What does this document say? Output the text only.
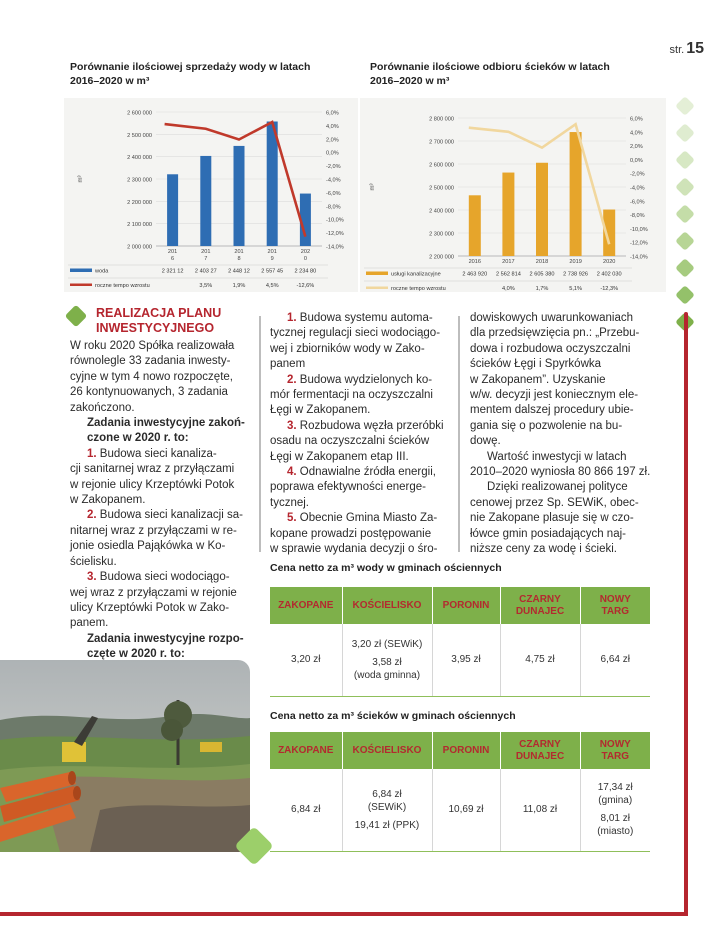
str. 15
Porównanie ilościowej sprzedaży wody w latach
2016–2020 w m³
2 600 000
2 500 000
2 400 000
2 300 000
2 200 000
2 100 000
2 000 000
6,0%
4,0%
2,0%
0,0%
-2,0%
-4,0%
-6,0%
-8,0%
-10,0%
-12,0%
-14,0%
m³
201
6
201
7
201
8
201
9
202
0
woda
roczne tempo wzrostu
2 321 12 2 403 27
3,5%
2 448 12
1,9%
2 557 45
4,5%
2 234 80
-12,6%
Porównanie ilościowe odbioru ścieków w latach
2016–2020 w m³
2 800 000
2 700 000
2 600 000
2 500 000
2 400 000
2 300 000
2 200 000
6,0%
4,0%
2,0%
0,0%
-2,0%
-4,0%
-6,0%
-8,0%
-10,0%
-12,0%
-14,0%
m³
2016	2017	2018	2019	2020
usługi kanalizacyjne
roczne tempo wzrostu
2 463 920 2 562 814
4,0%
2 605 380
1,7%
2 738 926
5,1%
2 402 030
-12,3%
REALIZACJA PLANU
INWESTYCYJNEGO

W roku 2020 Spółka realizowała
równolegle 33 zadania inwesty-
cyjne w tym 4 nowo rozpoczęte,
26 kontynuowanych, 3 zadania
zakończono.

Zadania inwestycyjne zakoń-
czone w 2020 r. to:

1. Budowa sieci kanaliza-
cji sanitarnej wraz z przyłączami
w rejonie ulicy Krzeptówki Potok
w Zakopanem.

2. Budowa sieci kanalizacji sa-
nitarnej wraz z przyłączami w re-
jonie osiedla Pająkówka w Ko-
ścielisku.

3. Budowa sieci wodociągo-
wej wraz z przyłączami w rejonie
ulicy Krzeptówki Potok w Zako-
panem.

Zadania inwestycyjne rozpo-
częte w 2020 r. to:

1. Budowa systemu automa-
tycznej regulacji sieci wodociągo-
wej i zbiorników wody w Zako-
panem

2. Budowa wydzielonych ko-
mór fermentacji na oczyszczalni
Łęgi w Zakopanem.

3. Rozbudowa węzła przeróbki
osadu na oczyszczalni ścieków
Łęgi w Zakopanem etap III.

4. Odnawialne źródła energii,
poprawa efektywności energe-
tycznej.

5. Obecnie Gmina Miasto Za-
kopane prowadzi postępowanie
w sprawie wydania decyzji o śro-

dowiskowych uwarunkowaniach
dla przedsięwzięcia pn.: „Przebu-
dowa i rozbudowa oczyszczalni
ścieków Łęgi i Spyrkówka
w Zakopanem”. Uzyskanie
w/w. decyzji jest koniecznym ele-
mentem dalszej procedury ubie-
gania się o pozwolenie na bu-
dowę.

Wartość inwestycji w latach
2010–2020 wyniosła 80 866 197 zł.

Dzięki realizowanej polityce
cenowej przez Sp. SEWiK, obec-
nie Zakopane plasuje się w czo-
łówce gmin posiadających naj-
niższe ceny za wodę i ścieki.

Cena netto za m³ wody w gminach ościennych
ZAKOPANE	KOŚCIELISKO	PORONIN	CZARNY
DUNAJEC	NOWY
TARG
3,20 zł	3,20 zł (SEWiK)
3,58 zł
(woda gminna)	3,95 zł	4,75 zł	6,64 zł
Cena netto za m³ ścieków w gminach ościennych
ZAKOPANE	KOŚCIELISKO	PORONIN	CZARNY
DUNAJEC	NOWY
TARG
6,84 zł	6,84 zł
(SEWiK)
19,41 zł (PPK)	10,69 zł	11,08 zł	17,34 zł
(gmina)
8,01 zł
(miasto)
